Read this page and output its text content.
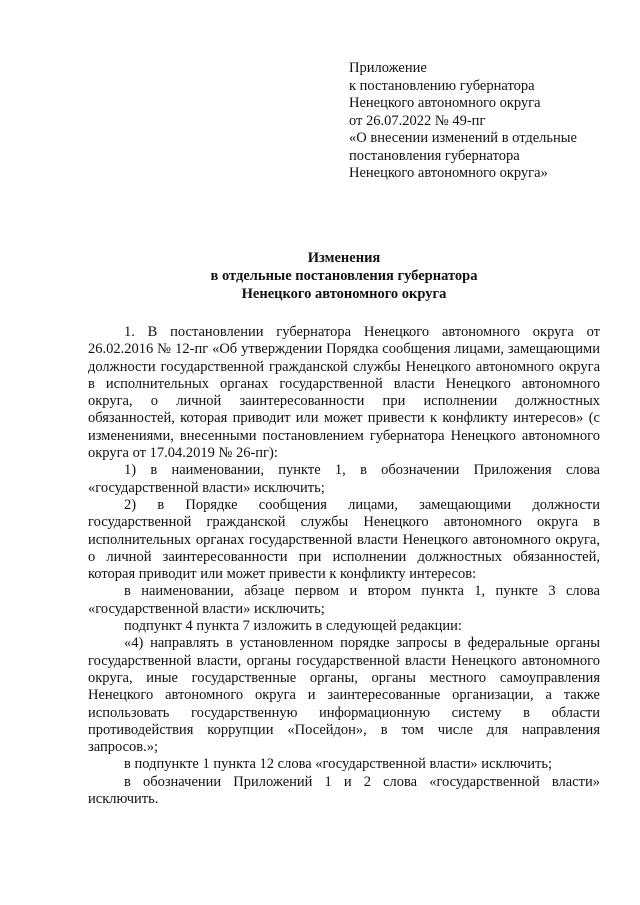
Приложение
к постановлению губернатора
Ненецкого автономного округа
от 26.07.2022 № 49-пг
«О внесении изменений в отдельные
постановления губернатора
Ненецкого автономного округа»
Изменения
в отдельные постановления губернатора
Ненецкого автономного округа

1. В постановлении губернатора Ненецкого автономного округа от 26.02.2016 № 12-пг «Об утверждении Порядка сообщения лицами, замещающими должности государственной гражданской службы Ненецкого автономного округа в исполнительных органах государственной власти Ненецкого автономного округа, о личной заинтересованности при исполнении должностных обязанностей, которая приводит или может привести к конфликту интересов» (с изменениями, внесенными постановлением губернатора Ненецкого автономного округа от 17.04.2019 № 26-пг):

1) в наименовании, пункте 1, в обозначении Приложения слова «государственной власти» исключить;

2) в Порядке сообщения лицами, замещающими должности государственной гражданской службы Ненецкого автономного округа в исполнительных органах государственной власти Ненецкого автономного округа, о личной заинтересованности при исполнении должностных обязанностей, которая приводит или может привести к конфликту интересов:

в наименовании, абзаце первом и втором пункта 1, пункте 3 слова «государственной власти» исключить;

подпункт 4 пункта 7 изложить в следующей редакции:

«4) направлять в установленном порядке запросы в федеральные органы государственной власти, органы государственной власти Ненецкого автономного округа, иные государственные органы, органы местного самоуправления Ненецкого автономного округа и заинтересованные организации, а также использовать государственную информационную систему в области противодействия коррупции «Посейдон», в том числе для направления запросов.»;

в подпункте 1 пункта 12 слова «государственной власти» исключить;

в обозначении Приложений 1 и 2 слова «государственной власти» исключить.
